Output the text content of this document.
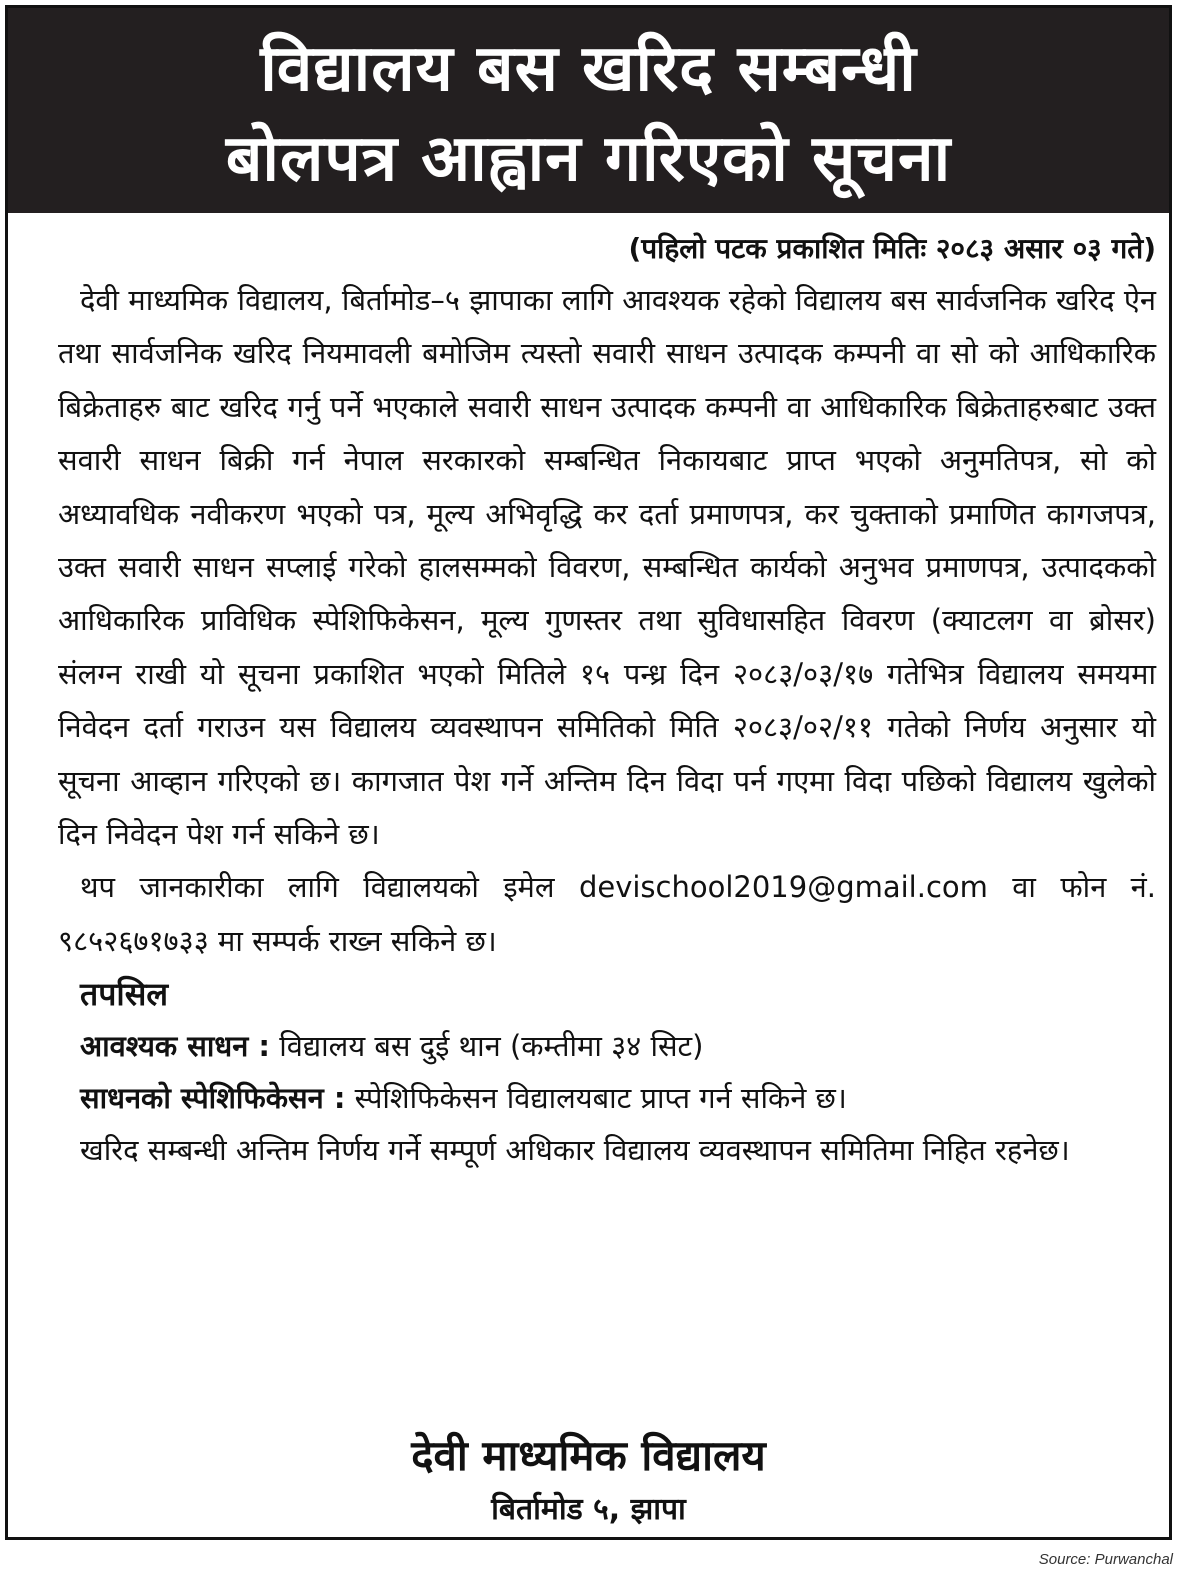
विद्यालय बस खरिद सम्बन्धी
बोलपत्र आह्वान गरिएको सूचना
(पहिलो पटक प्रकाशित मितिः २०८३ असार ०३ गते)

देवी माध्यमिक विद्यालय, बिर्तामोड–५ झापाका लागि आवश्यक रहेको विद्यालय बस सार्वजनिक खरिद ऐन तथा सार्वजनिक खरिद नियमावली बमोजिम त्यस्तो सवारी साधन उत्पादक कम्पनी वा सो को आधिकारिक बिक्रेताहरु बाट खरिद गर्नु पर्ने भएकाले सवारी साधन उत्पादक कम्पनी वा आधिकारिक बिक्रेताहरुबाट उक्त सवारी साधन बिक्री गर्न नेपाल सरकारको सम्बन्धित निकायबाट प्राप्त भएको अनुमतिपत्र, सो को अध्यावधिक नवीकरण भएको पत्र, मूल्य अभिवृद्धि कर दर्ता प्रमाणपत्र, कर चुक्ताको प्रमाणित कागजपत्र, उक्त सवारी साधन सप्लाई गरेको हालसम्मको विवरण, सम्बन्धित कार्यको अनुभव प्रमाणपत्र, उत्पादकको आधिकारिक प्राविधिक स्पेशिफिकेसन, मूल्य गुणस्तर तथा सुविधासहित विवरण (क्याटलग वा ब्रोसर) संलग्न राखी यो सूचना प्रकाशित भएको मितिले १५ पन्ध्र दिन २०८३/०३/१७ गतेभित्र विद्यालय समयमा निवेदन दर्ता गराउन यस विद्यालय व्यवस्थापन समितिको मिति २०८३/०२/११ गतेको निर्णय अनुसार यो सूचना आव्हान गरिएको छ। कागजात पेश गर्ने अन्तिम दिन विदा पर्न गएमा विदा पछिको विद्यालय खुलेको दिन निवेदन पेश गर्न सकिने छ।

थप जानकारीका लागि विद्यालयको इमेल devischool2019@gmail.com वा फोन नं. ९८५२६७१७३३ मा सम्पर्क राख्न सकिने छ।

तपसिल
आवश्यक साधन : विद्यालय बस दुई थान (कम्तीमा ३४ सिट)
साधनको स्पेशिफिकेसन : स्पेशिफिकेसन विद्यालयबाट प्राप्त गर्न सकिने छ।

खरिद सम्बन्धी अन्तिम निर्णय गर्ने सम्पूर्ण अधिकार विद्यालय व्यवस्थापन समितिमा निहित रहनेछ।

देवी माध्यमिक विद्यालय
बिर्तामोड ५, झापा
Source: Purwanchal
